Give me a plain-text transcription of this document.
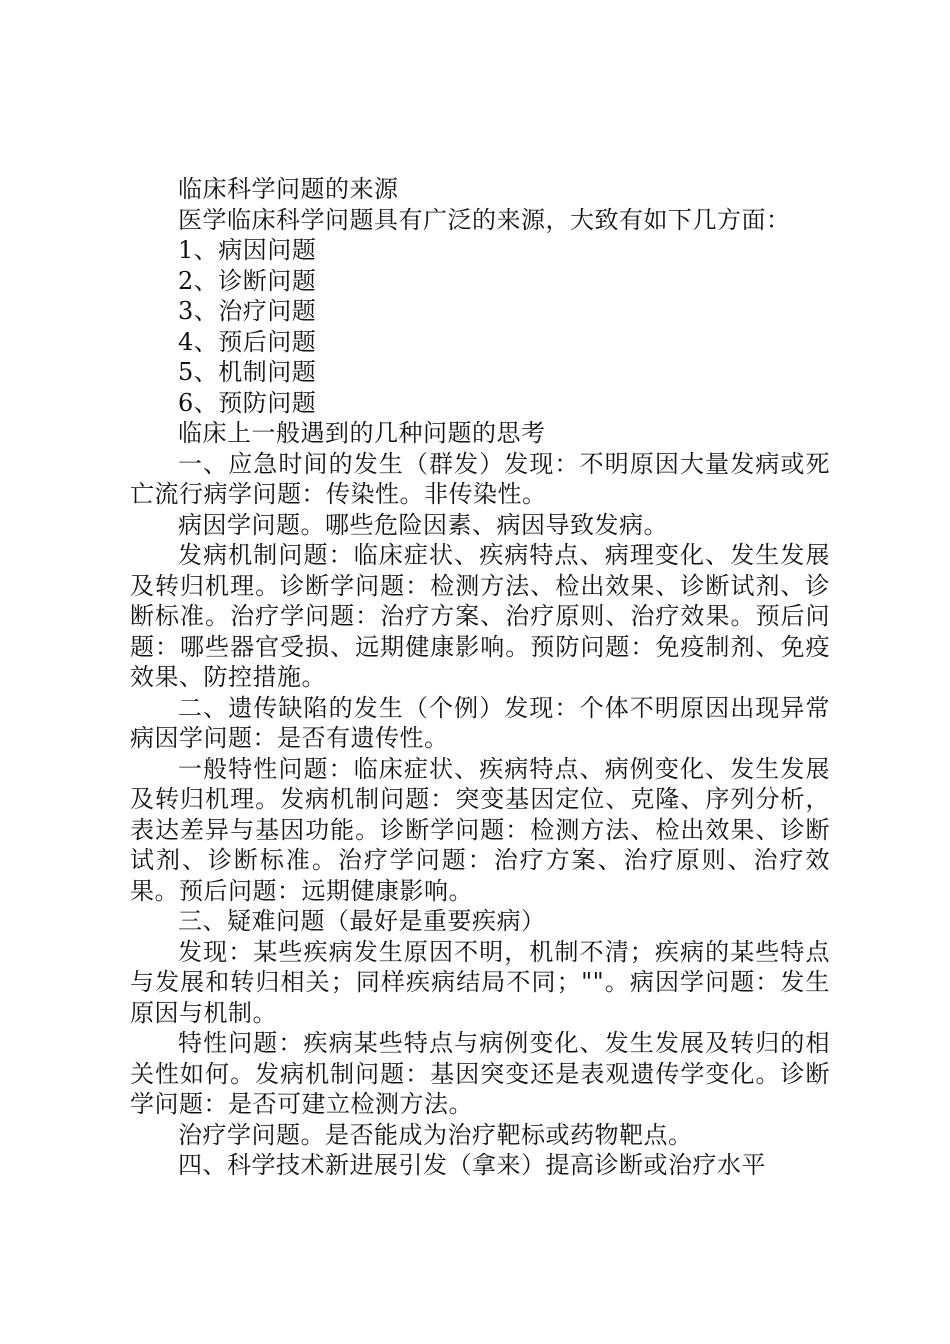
临床科学问题的来源

医学临床科学问题具有广泛的来源，大致有如下几方面：

1、病因问题

2、诊断问题

3、治疗问题

4、预后问题

5、机制问题

6、预防问题

临床上一般遇到的几种问题的思考

一、应急时间的发生（群发）发现：不明原因大量发病或死亡流行病学问题：传染性。非传染性。

病因学问题。哪些危险因素、病因导致发病。

发病机制问题：临床症状、疾病特点、病理变化、发生发展及转归机理。诊断学问题：检测方法、检出效果、诊断试剂、诊断标准。治疗学问题：治疗方案、治疗原则、治疗效果。预后问题：哪些器官受损、远期健康影响。预防问题：免疫制剂、免疫效果、防控措施。

二、遗传缺陷的发生（个例）发现：个体不明原因出现异常病因学问题：是否有遗传性。

一般特性问题：临床症状、疾病特点、病例变化、发生发展及转归机理。发病机制问题：突变基因定位、克隆、序列分析，表达差异与基因功能。诊断学问题：检测方法、检出效果、诊断试剂、诊断标准。治疗学问题：治疗方案、治疗原则、治疗效果。预后问题：远期健康影响。

三、疑难问题（最好是重要疾病）

发现：某些疾病发生原因不明，机制不清；疾病的某些特点与发展和转归相关；同样疾病结局不同；""。病因学问题：发生原因与机制。

特性问题：疾病某些特点与病例变化、发生发展及转归的相关性如何。发病机制问题：基因突变还是表观遗传学变化。诊断学问题：是否可建立检测方法。

治疗学问题。是否能成为治疗靶标或药物靶点。

四、科学技术新进展引发（拿来）提高诊断或治疗水平
